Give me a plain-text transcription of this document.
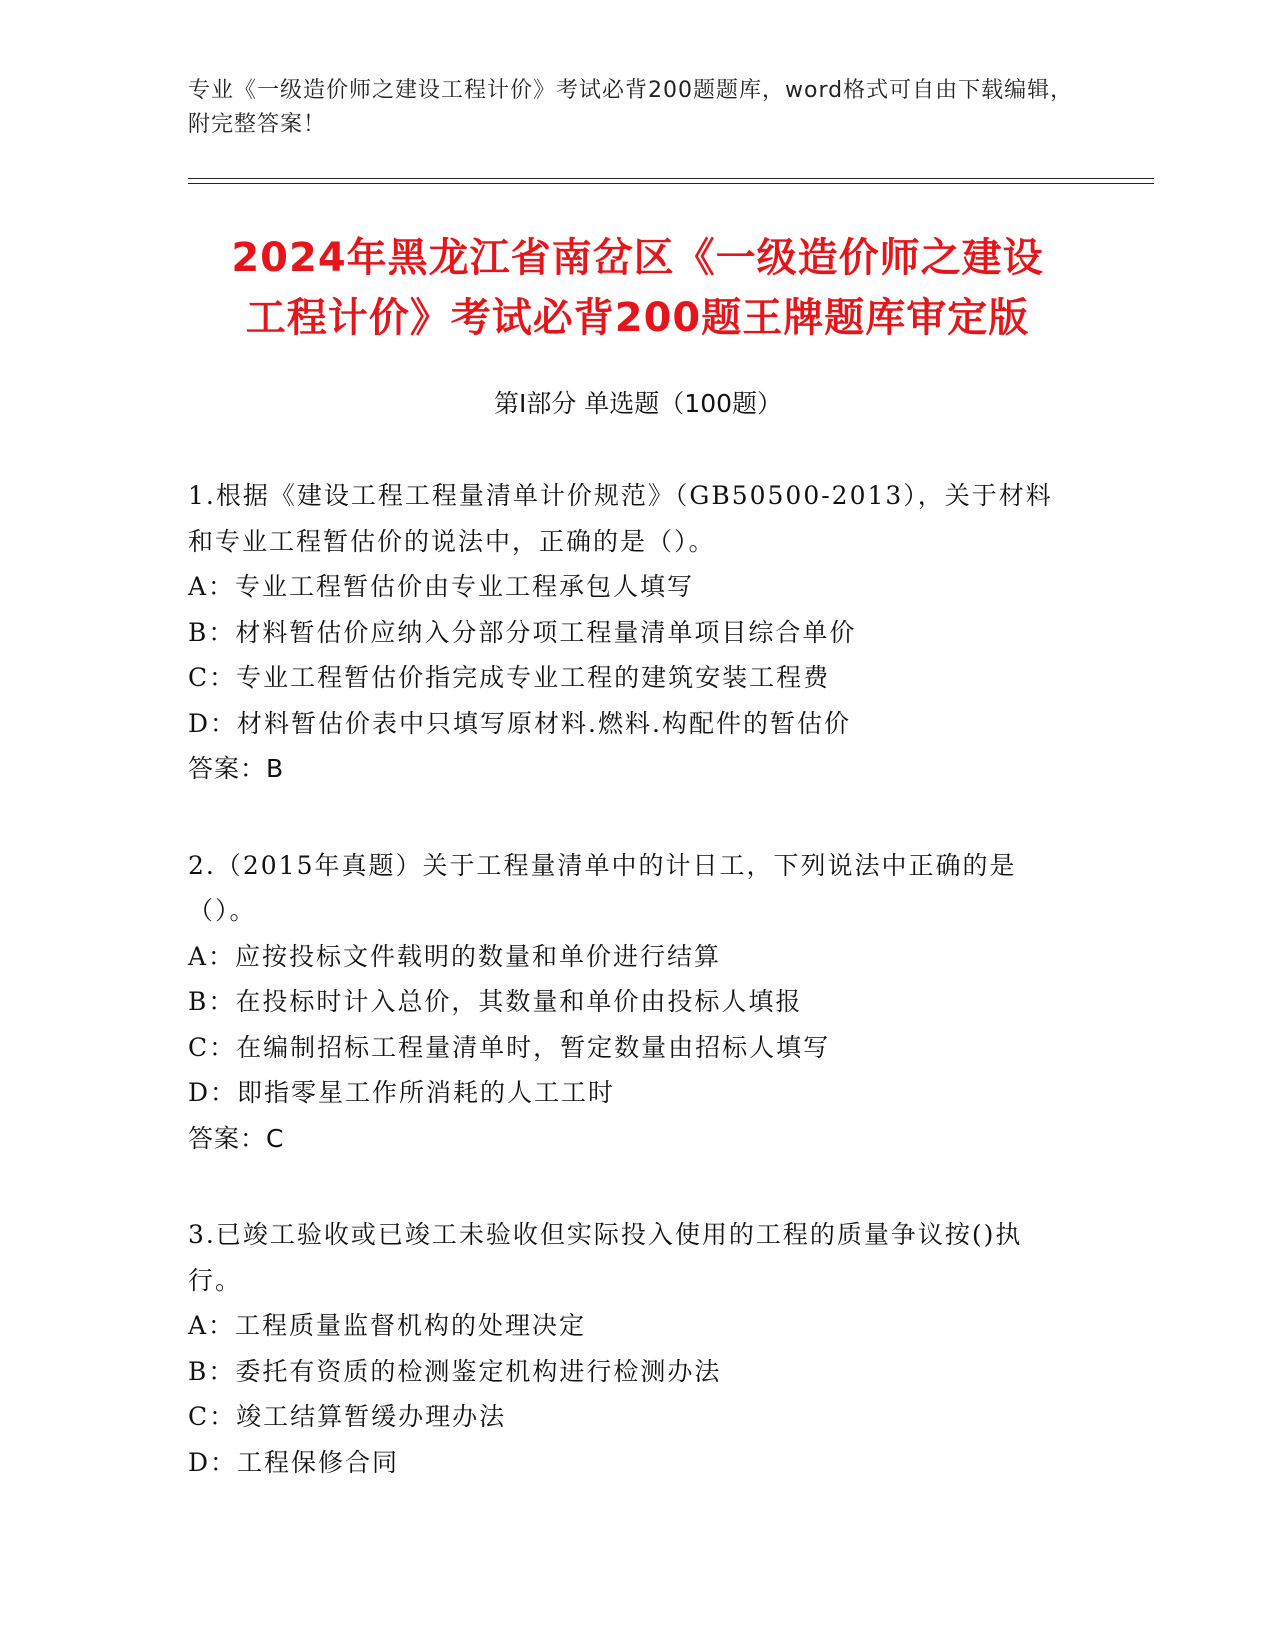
专业《一级造价师之建设工程计价》考试必背200题题库，word格式可自由下载编辑，附完整答案！
2024年黑龙江省南岔区《一级造价师之建设
工程计价》考试必背200题王牌题库审定版
第Ⅰ部分 单选题（100题）
1.根据《建设工程工程量清单计价规范》（GB50500-2013），关于材料和专业工程暂估价的说法中，正确的是（）。
A：专业工程暂估价由专业工程承包人填写
B：材料暂估价应纳入分部分项工程量清单项目综合单价
C：专业工程暂估价指完成专业工程的建筑安装工程费
D：材料暂估价表中只填写原材料.燃料.构配件的暂估价
答案：B
2.（2015年真题）关于工程量清单中的计日工，下列说法中正确的是（）。
A：应按投标文件载明的数量和单价进行结算
B：在投标时计入总价，其数量和单价由投标人填报
C：在编制招标工程量清单时，暂定数量由招标人填写
D：即指零星工作所消耗的人工工时
答案：C
3.已竣工验收或已竣工未验收但实际投入使用的工程的质量争议按()执行。
A：工程质量监督机构的处理决定
B：委托有资质的检测鉴定机构进行检测办法
C：竣工结算暂缓办理办法
D：工程保修合同
